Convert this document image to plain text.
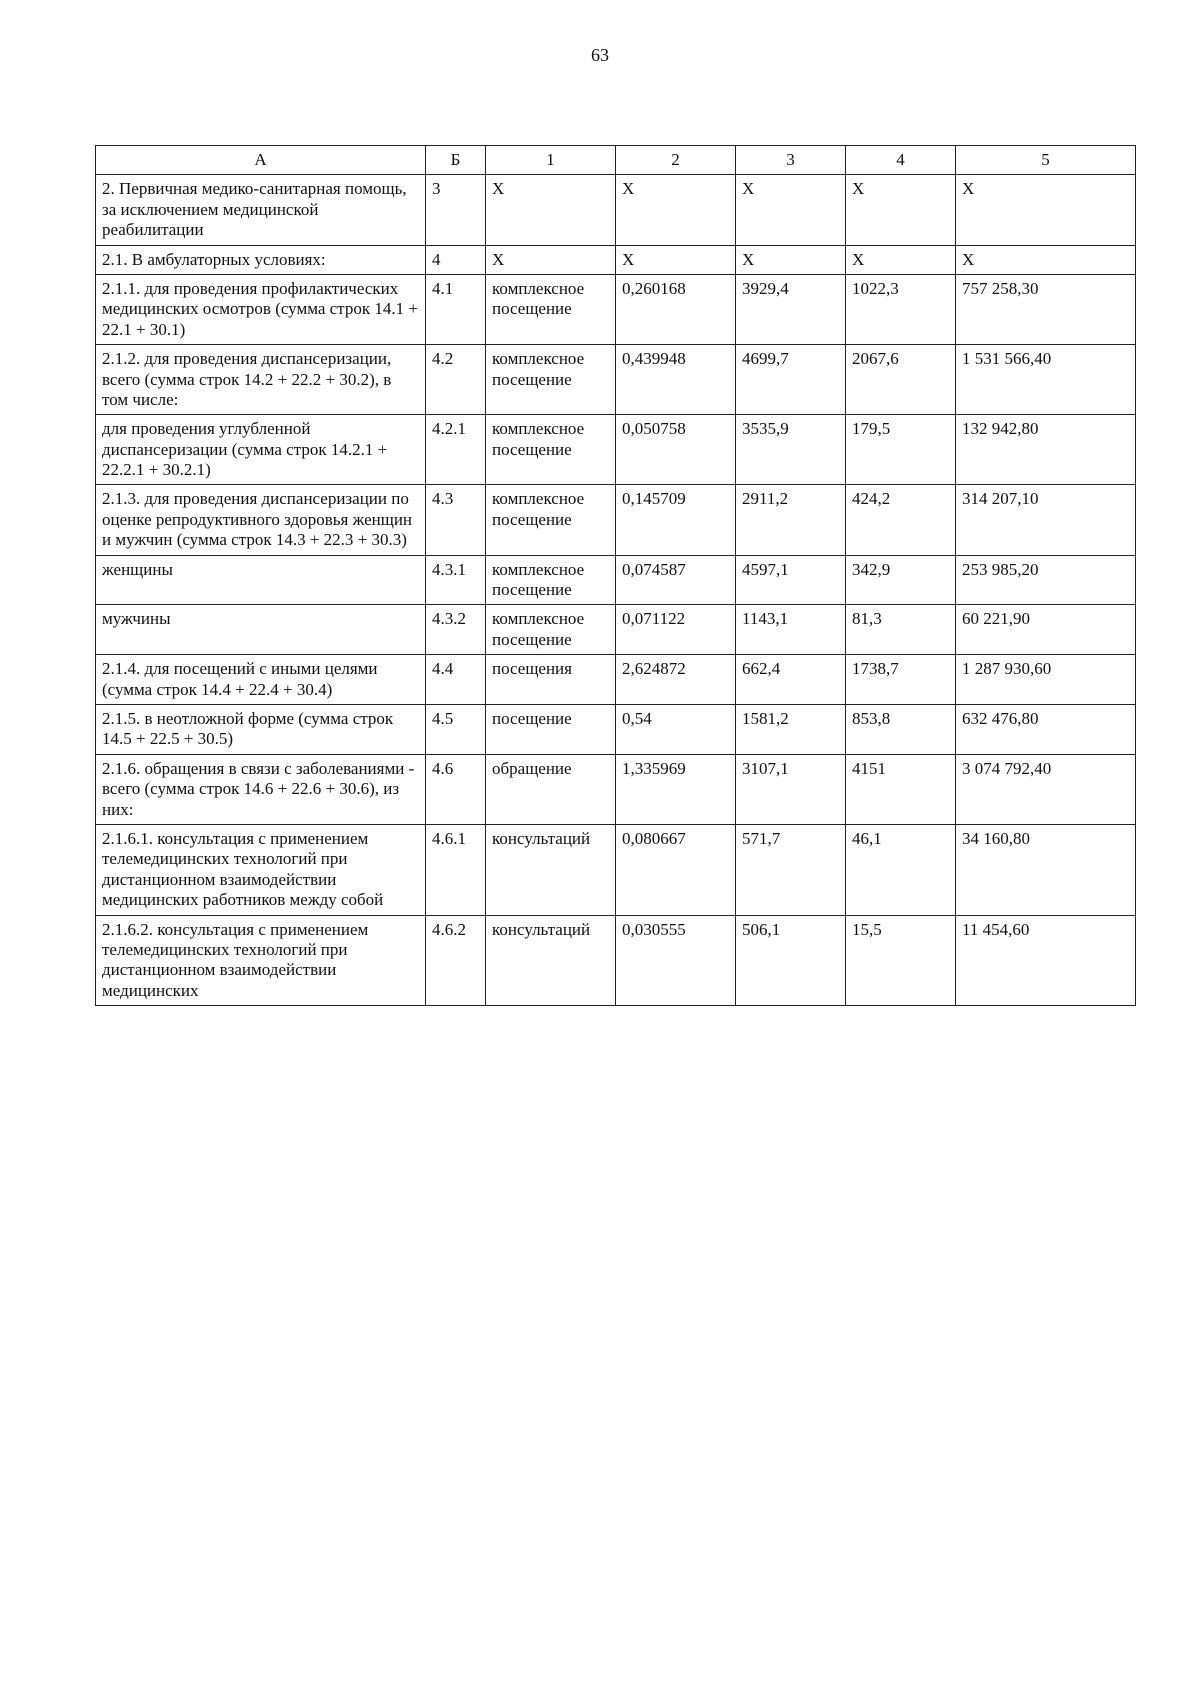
63
А	Б	1	2	3	4	5
2. Первичная медико-санитарная помощь, за исключением медицинской реабилитации	3	Х	Х	Х	Х	Х
2.1. В амбулаторных условиях:	4	Х	Х	Х	Х	Х
2.1.1. для проведения профилактических медицинских осмотров (сумма строк 14.1 + 22.1 + 30.1)	4.1	комплексное посещение	0,260168	3929,4	1022,3	757 258,30
2.1.2. для проведения диспансеризации, всего (сумма строк 14.2 + 22.2 + 30.2), в том числе:	4.2	комплексное посещение	0,439948	4699,7	2067,6	1 531 566,40
для проведения углубленной диспансеризации (сумма строк 14.2.1 + 22.2.1 + 30.2.1)	4.2.1	комплексное посещение	0,050758	3535,9	179,5	132 942,80
2.1.3. для проведения диспансеризации по оценке репродуктивного здоровья женщин и мужчин (сумма строк 14.3 + 22.3 + 30.3)	4.3	комплексное посещение	0,145709	2911,2	424,2	314 207,10
женщины	4.3.1	комплексное посещение	0,074587	4597,1	342,9	253 985,20
мужчины	4.3.2	комплексное посещение	0,071122	1143,1	81,3	60 221,90
2.1.4. для посещений с иными целями (сумма строк 14.4 + 22.4 + 30.4)	4.4	посещения	2,624872	662,4	1738,7	1 287 930,60
2.1.5. в неотложной форме (сумма строк 14.5 + 22.5 + 30.5)	4.5	посещение	0,54	1581,2	853,8	632 476,80
2.1.6. обращения в связи с заболеваниями - всего (сумма строк 14.6 + 22.6 + 30.6), из них:	4.6	обращение	1,335969	3107,1	4151	3 074 792,40
2.1.6.1. консультация с применением телемедицинских технологий при дистанционном взаимодействии медицинских работников между собой	4.6.1	консультаций	0,080667	571,7	46,1	34 160,80
2.1.6.2. консультация с применением телемедицинских технологий при дистанционном взаимодействии медицинских	4.6.2	консультаций	0,030555	506,1	15,5	11 454,60
